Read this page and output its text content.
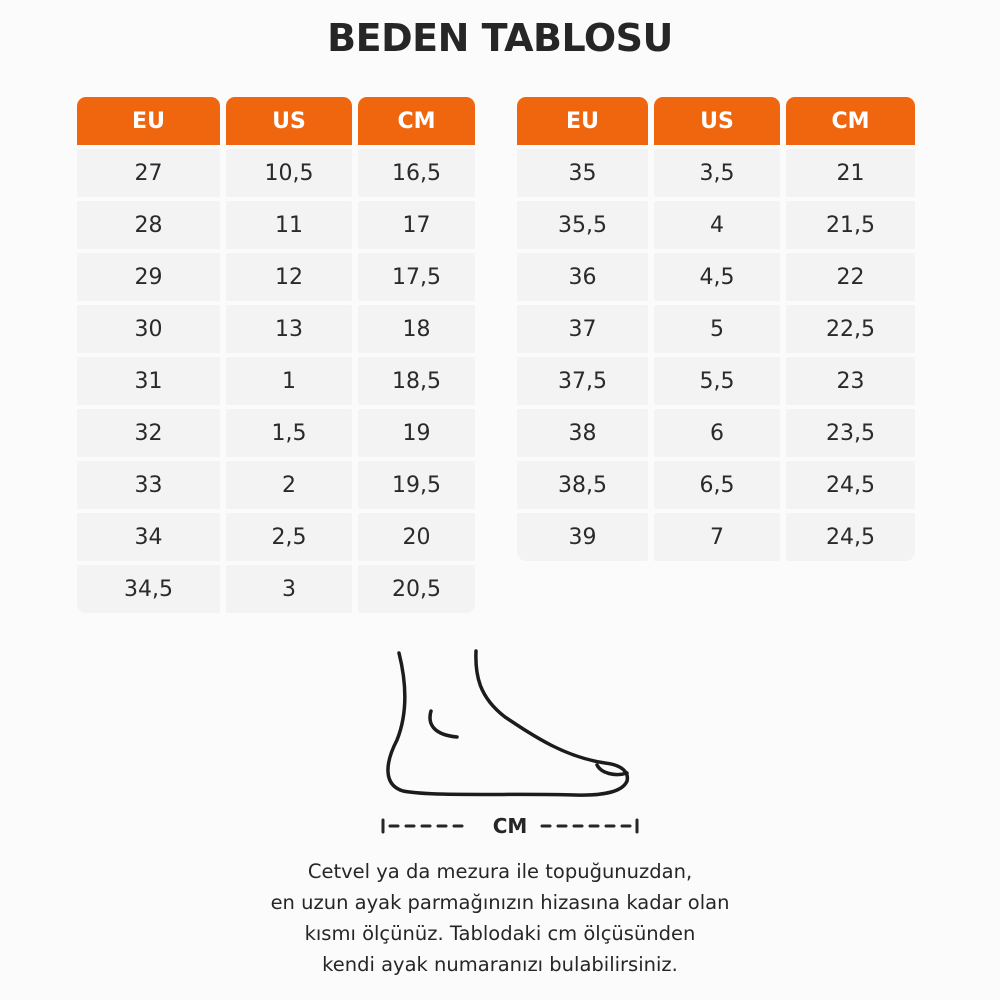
BEDEN TABLOSU
EU	US	CM
27	10,5	16,5
28	11	17
29	12	17,5
30	13	18
31	1	18,5
32	1,5	19
33	2	19,5
34	2,5	20
34,5	3	20,5
EU	US	CM
35	3,5	21
35,5	4	21,5
36	4,5	22
37	5	22,5
37,5	5,5	23
38	6	23,5
38,5	6,5	24,5
39	7	24,5
CM
Cetvel ya da mezura ile topuğunuzdan,
en uzun ayak parmağınızın hizasına kadar olan
kısmı ölçünüz. Tablodaki cm ölçüsünden
kendi ayak numaranızı bulabilirsiniz.
